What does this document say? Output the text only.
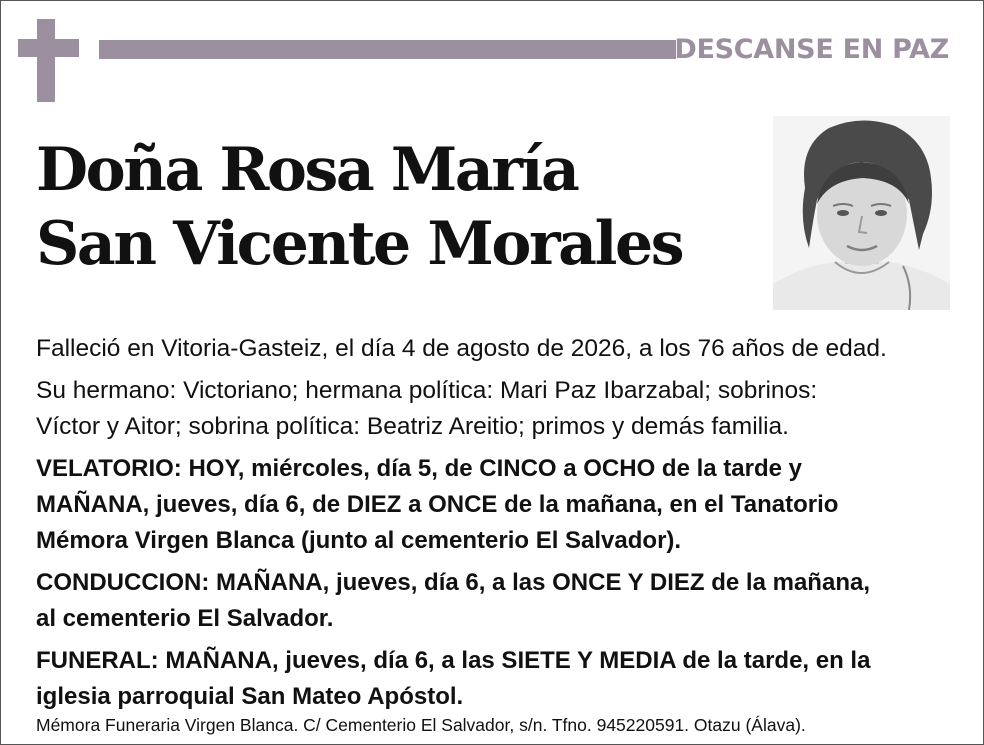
DESCANSE EN PAZ
Doña Rosa María
San Vicente Morales

Falleció en Vitoria-Gasteiz, el día 4 de agosto de 2026, a los 76 años de edad.

Su hermano: Victoriano; hermana política: Mari Paz Ibarzabal; sobrinos:
Víctor y Aitor; sobrina política: Beatriz Areitio; primos y demás familia.

VELATORIO: HOY, miércoles, día 5, de CINCO a OCHO de la tarde y
MAÑANA, jueves, día 6, de DIEZ a ONCE de la mañana, en el Tanatorio
Mémora Virgen Blanca (junto al cementerio El Salvador).

CONDUCCION: MAÑANA, jueves, día 6, a las ONCE Y DIEZ de la mañana,
al cementerio El Salvador.

FUNERAL: MAÑANA, jueves, día 6, a las SIETE Y MEDIA de la tarde, en la
iglesia parroquial San Mateo Apóstol.

Mémora Funeraria Virgen Blanca. C/ Cementerio El Salvador, s/n. Tfno. 945220591. Otazu (Álava).
